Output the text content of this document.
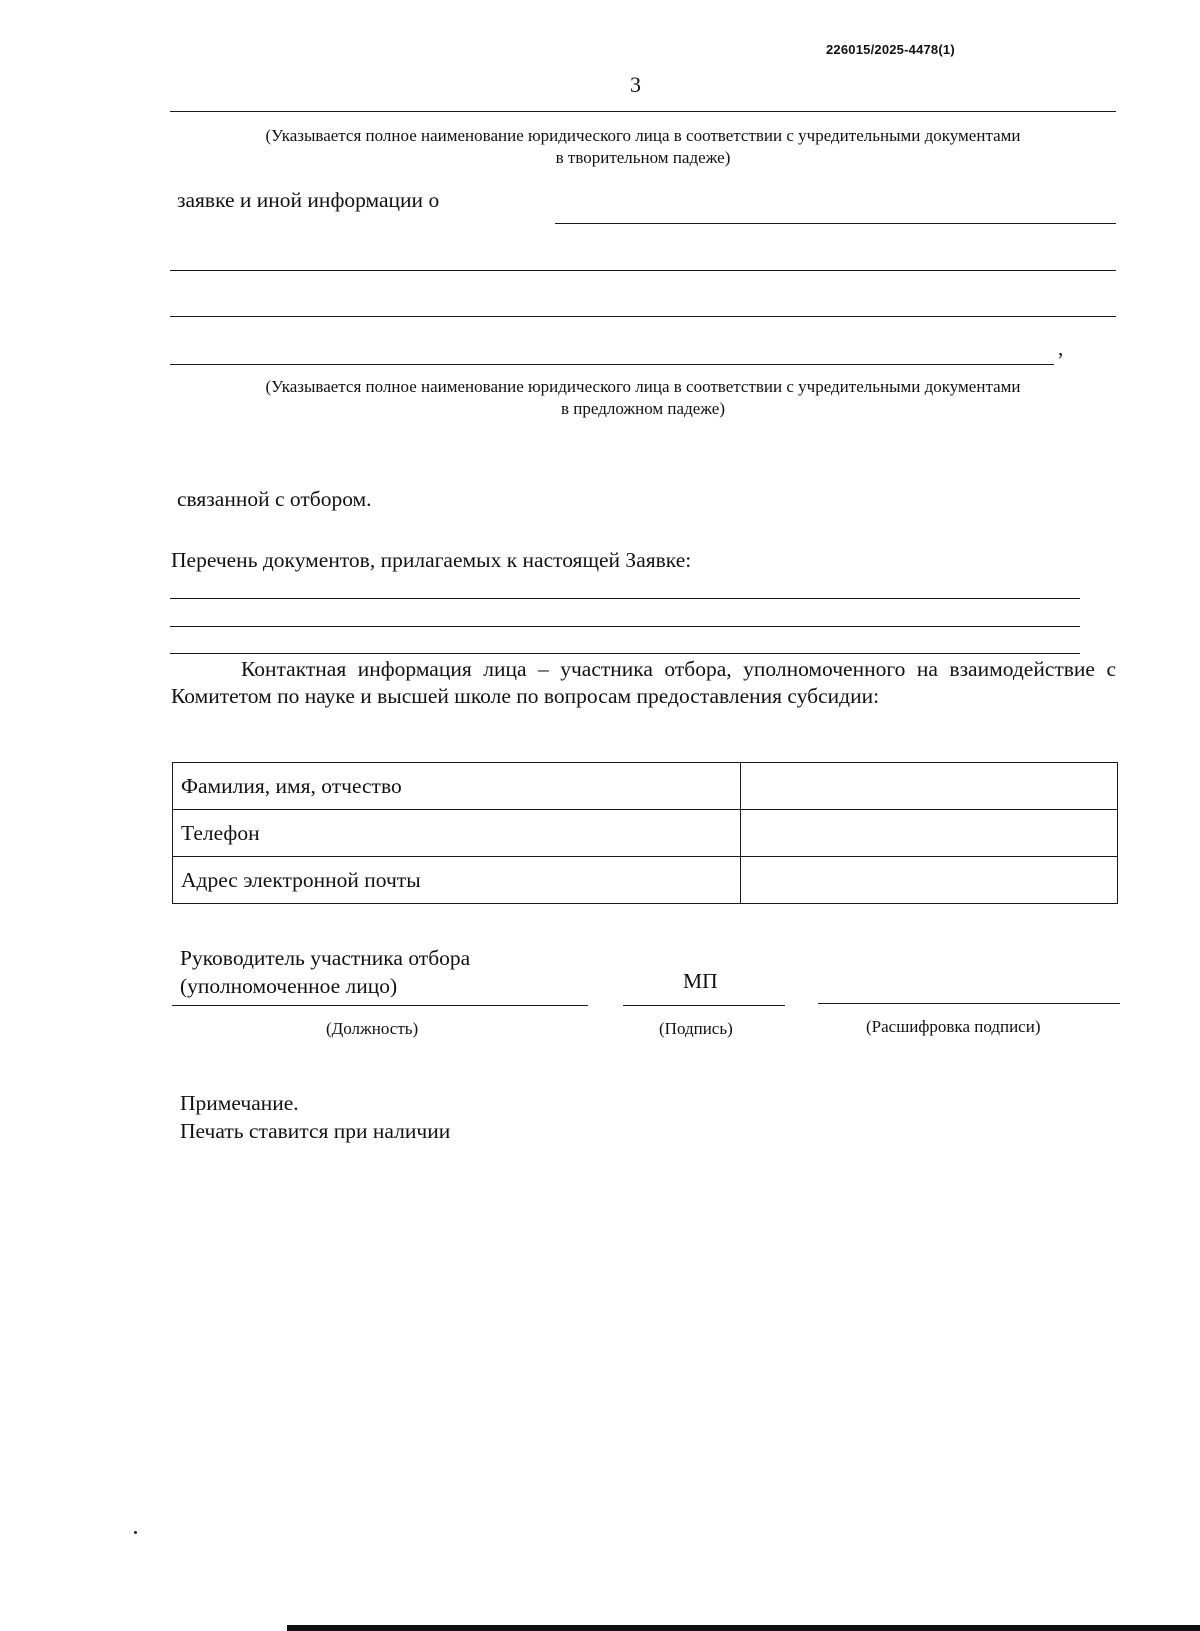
226015/2025-4478(1)
3
(Указывается полное наименование юридического лица в соответствии с учредительными документами
в творительном падеже)
заявке и иной информации о
,
(Указывается полное наименование юридического лица в соответствии с учредительными документами
в предложном падеже)
связанной с отбором.
Перечень документов, прилагаемых к настоящей Заявке:
Контактная информация лица – участника отбора, уполномоченного на взаимодействие с Комитетом по науке и высшей школе по вопросам предоставления субсидии:
Фамилия, имя, отчество	
Телефон	
Адрес электронной почты	
Руководитель участника отбора
(уполномоченное лицо)	МП
(Должность)	(Подпись)	(Расшифровка подписи)
Примечание.
Печать ставится при наличии
